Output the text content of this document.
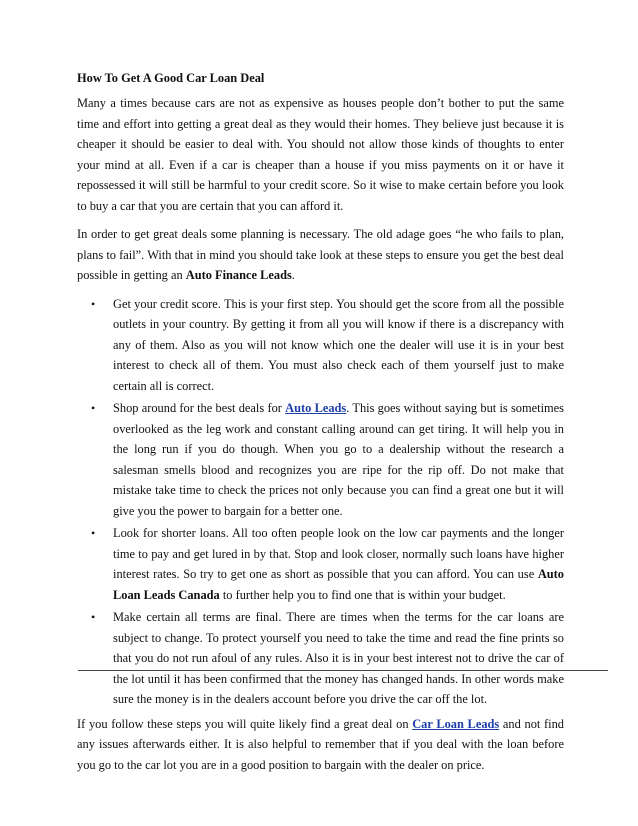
How To Get A Good Car Loan Deal

Many a times because cars are not as expensive as houses people don’t bother to put the same time and effort into getting a great deal as they would their homes. They believe just because it is cheaper it should be easier to deal with. You should not allow those kinds of thoughts to enter your mind at all. Even if a car is cheaper than a house if you miss payments on it or have it repossessed it will still be harmful to your credit score. So it wise to make certain before you look to buy a car that you are certain that you can afford it.

In order to get great deals some planning is necessary. The old adage goes “he who fails to plan, plans to fail”. With that in mind you should take look at these steps to ensure you get the best deal possible in getting an Auto Finance Leads.

• Get your credit score. This is your first step. You should get the score from all the possible outlets in your country. By getting it from all you will know if there is a discrepancy with any of them. Also as you will not know which one the dealer will use it is in your best interest to check all of them. You must also check each of them yourself just to make certain all is correct.
• Shop around for the best deals for Auto Leads. This goes without saying but is sometimes overlooked as the leg work and constant calling around can get tiring. It will help you in the long run if you do though. When you go to a dealership without the research a salesman smells blood and recognizes you are ripe for the rip off. Do not make that mistake take time to check the prices not only because you can find a great one but it will give you the power to bargain for a better one.
• Look for shorter loans. All too often people look on the low car payments and the longer time to pay and get lured in by that. Stop and look closer, normally such loans have higher interest rates. So try to get one as short as possible that you can afford. You can use Auto Loan Leads Canada to further help you to find one that is within your budget.
• Make certain all terms are final. There are times when the terms for the car loans are subject to change. To protect yourself you need to take the time and read the fine prints so that you do not run afoul of any rules. Also it is in your best interest not to drive the car of the lot until it has been confirmed that the money has changed hands. In other words make sure the money is in the dealers account before you drive the car off the lot.

If you follow these steps you will quite likely find a great deal on Car Loan Leads and not find any issues afterwards either. It is also helpful to remember that if you deal with the loan before you go to the car lot you are in a good position to bargain with the dealer on price.
